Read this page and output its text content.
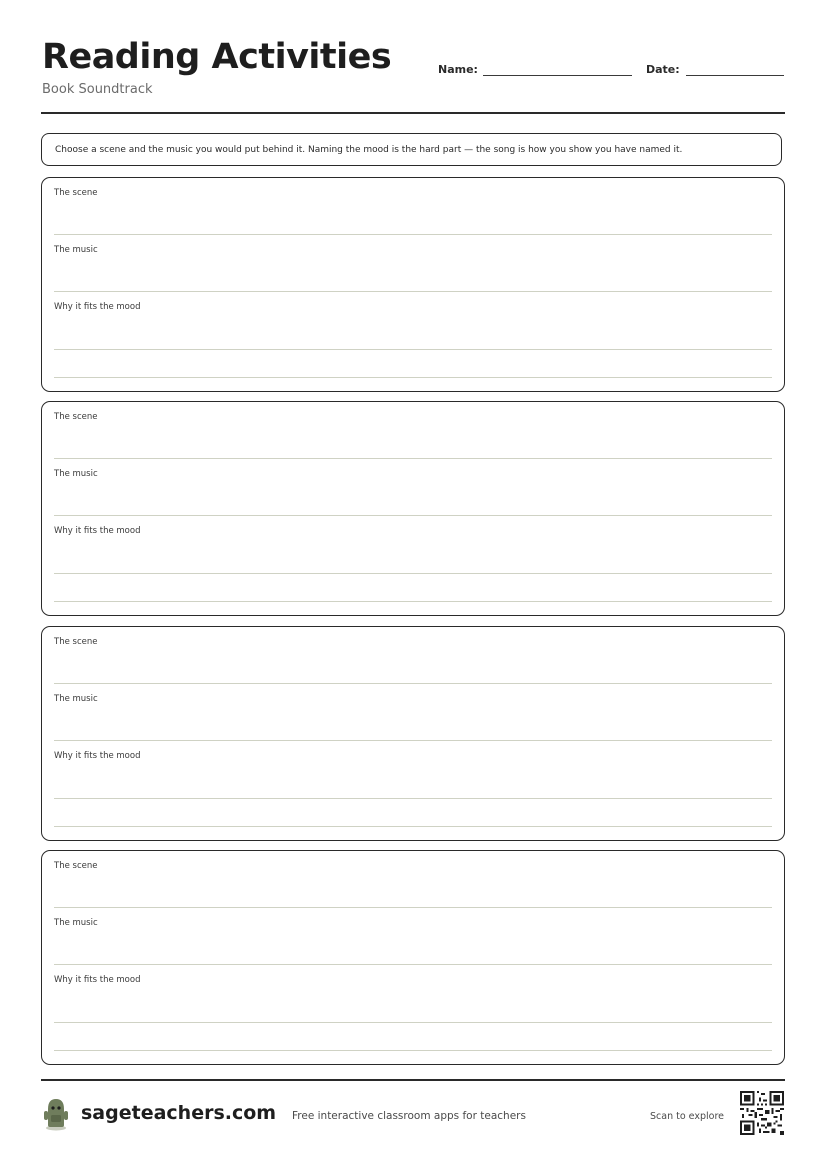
Reading Activities
Book Soundtrack
Name:	Date:
Choose a scene and the music you would put behind it. Naming the mood is the hard part — the song is how you show you have named it.
The scene
The music
Why it fits the mood
The scene
The music
Why it fits the mood
The scene
The music
Why it fits the mood
The scene
The music
Why it fits the mood
sageteachers.com Free interactive classroom apps for teachers	Scan to explore
